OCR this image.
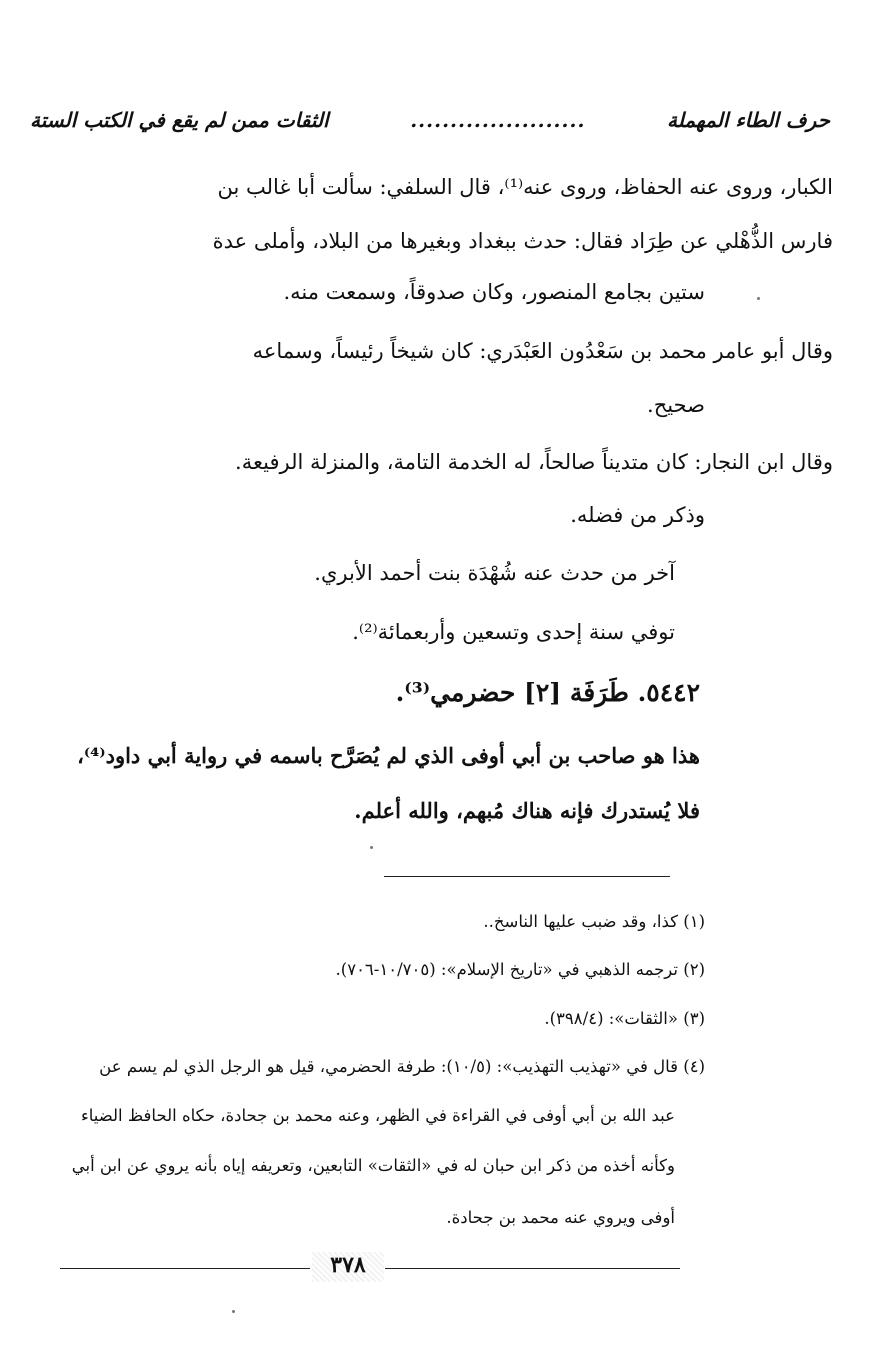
حرف الطاء المهملة
......................
الثقات ممن لم يقع في الكتب الستة
الكبار، وروى عنه الحفاظ، وروى عنه⁽¹⁾، قال السلفي: سألت أبا غالب بن
فارس الذُّهْلي عن طِرَاد فقال: حدث ببغداد وبغيرها من البلاد، وأملى عدة
ستين بجامع المنصور، وكان صدوقاً، وسمعت منه.
وقال أبو عامر محمد بن سَعْدُون العَبْدَري: كان شيخاً رئيساً، وسماعه
صحيح.
وقال ابن النجار: كان متديناً صالحاً، له الخدمة التامة، والمنزلة الرفيعة.
وذكر من فضله.
آخر من حدث عنه شُهْدَة بنت أحمد الأبري.
توفي سنة إحدى وتسعين وأربعمائة⁽²⁾.
٥٤٤٢. طَرَفَة [٢] حضرمي⁽³⁾.
هذا هو صاحب بن أبي أوفى الذي لم يُصَرَّح باسمه في رواية أبي داود⁽⁴⁾،
فلا يُستدرك فإنه هناك مُبهم، والله أعلم.
(١) كذا، وقد ضبب عليها الناسخ..
(٢) ترجمه الذهبي في «تاريخ الإسلام»: (١٠/٧٠٥-٧٠٦).
(٣) «الثقات»: (٣٩٨/٤).
(٤) قال في «تهذيب التهذيب»: (١٠/٥): طرفة الحضرمي، قيل هو الرجل الذي لم يسم عن
عبد الله بن أبي أوفى في القراءة في الظهر، وعنه محمد بن جحادة، حكاه الحافظ الضياء
وكأنه أخذه من ذكر ابن حبان له في «الثقات» التابعين، وتعريفه إياه بأنه يروي عن ابن أبي
أوفى ويروي عنه محمد بن جحادة.
٣٧٨
